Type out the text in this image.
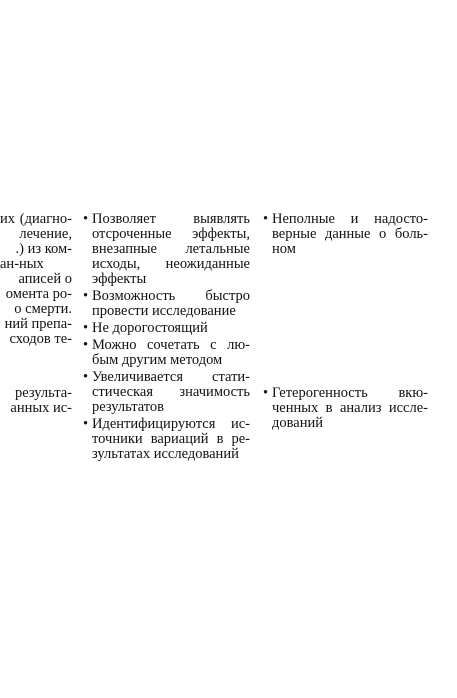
их (диагно-
лечение,
.) из ком-
ан-ных
аписей о
омента ро-
о смерти.
ний препа-
сходов те-
результа-
анных ис-
• Позволяет выявлять
отсроченные эффекты,
внезапные летальные
исходы, неожиданные
эффекты
• Возможность быстро
провести исследование
• Не дорогостоящий
• Можно сочетать с лю-
бым другим методом
• Увеличивается стати-
стическая значимость
результатов
• Идентифицируются ис-
точники вариаций в ре-
зультатах исследований
• Неполные и надосто-
верные данные о боль-
ном
• Гетерогенность вкю-
ченных в анализ иссле-
дований
